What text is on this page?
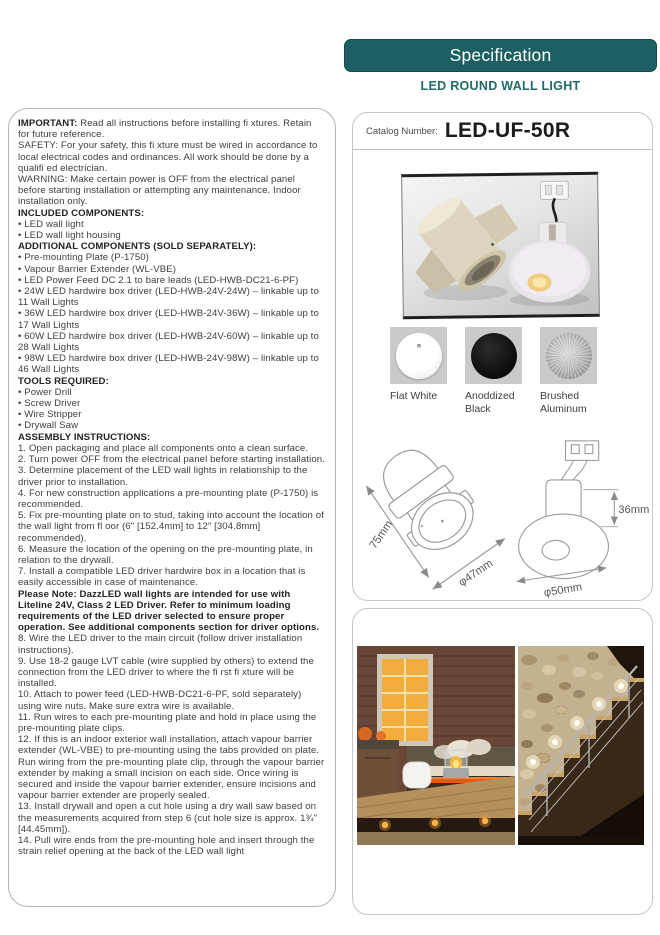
IMPORTANT: Read all instructions before installing fi xtures. Retain for future reference.
SAFETY: For your safety, this fi xture must be wired in accordance to local electrical codes and ordinances. All work should be done by a qualifi ed electrician.
WARNING: Make certain power is OFF from the electrical panel before starting installation or attempting any maintenance. Indoor installation only.
INCLUDED COMPONENTS:
• LED wall light
• LED wall light housing
ADDITIONAL COMPONENTS (SOLD SEPARATELY):
• Pre-mounting Plate (P-1750)
• Vapour Barrier Extender (WL-VBE)
• LED Power Feed DC 2.1 to bare leads (LED-HWB-DC21-6-PF)
• 24W LED hardwire box driver (LED-HWB-24V-24W) – linkable up to 11 Wall Lights
• 36W LED hardwire box driver (LED-HWB-24V-36W) – linkable up to 17 Wall Lights
• 60W LED hardwire box driver (LED-HWB-24V-60W) – linkable up to 28 Wall Lights
• 98W LED hardwire box driver (LED-HWB-24V-98W) – linkable up to 46 Wall Lights
TOOLS REQUIRED:
• Power Drill
• Screw Driver
• Wire Stripper
• Drywall Saw
ASSEMBLY INSTRUCTIONS:
1. Open packaging and place all components onto a clean surface.
2. Turn power OFF from the electrical panel before starting installation.
3. Determine placement of the LED wall lights in relationship to the driver prior to installation.
4. For new construction applications a pre-mounting plate (P-1750) is recommended.
5. Fix pre-mounting plate on to stud, taking into account the location of the wall light from fl oor (6" [152.4mm] to 12" [304.8mm] recommended).
6. Measure the location of the opening on the pre-mounting plate, in relation to the drywall.
7. Install a compatible LED driver hardwire box in a location that is easily accessible in case of maintenance.
Please Note: DazzLED wall lights are intended for use with Liteline 24V, Class 2 LED Driver. Refer to minimum loading requirements of the LED driver selected to ensure proper operation. See additional components section for driver options.
8. Wire the LED driver to the main circuit (follow driver installation instructions).
9. Use 18-2 gauge LVT cable (wire supplied by others) to extend the connection from the LED driver to where the fi rst fi xture will be installed.
10. Attach to power feed (LED-HWB-DC21-6-PF, sold separately) using wire nuts. Make sure extra wire is available.
11. Run wires to each pre-mounting plate and hold in place using the pre-mounting plate clips.
12. If this is an indoor exterior wall installation, attach vapour barrier extender (WL-VBE) to pre-mounting using the tabs provided on plate. Run wiring from the pre-mounting plate clip, through the vapour barrier extender by making a small incision on each side. Once wiring is secured and inside the vapour barrier extender, ensure incisions and vapour barrier extender are properly sealed.
13. Install drywall and open a cut hole using a dry wall saw based on the measurements acquired from step 6 (cut hole size is approx. 1¾" [44.45mm]).
14. Pull wire ends from the pre-mounting hole and insert through the strain relief opening at the back of the LED wall light
Specification
LED ROUND WALL LIGHT
Catalog Number: LED-UF-50R
Flat White	Anoddized Black
Brushed Aluminum
75mm
φ47mm
36mm
φ50mm
